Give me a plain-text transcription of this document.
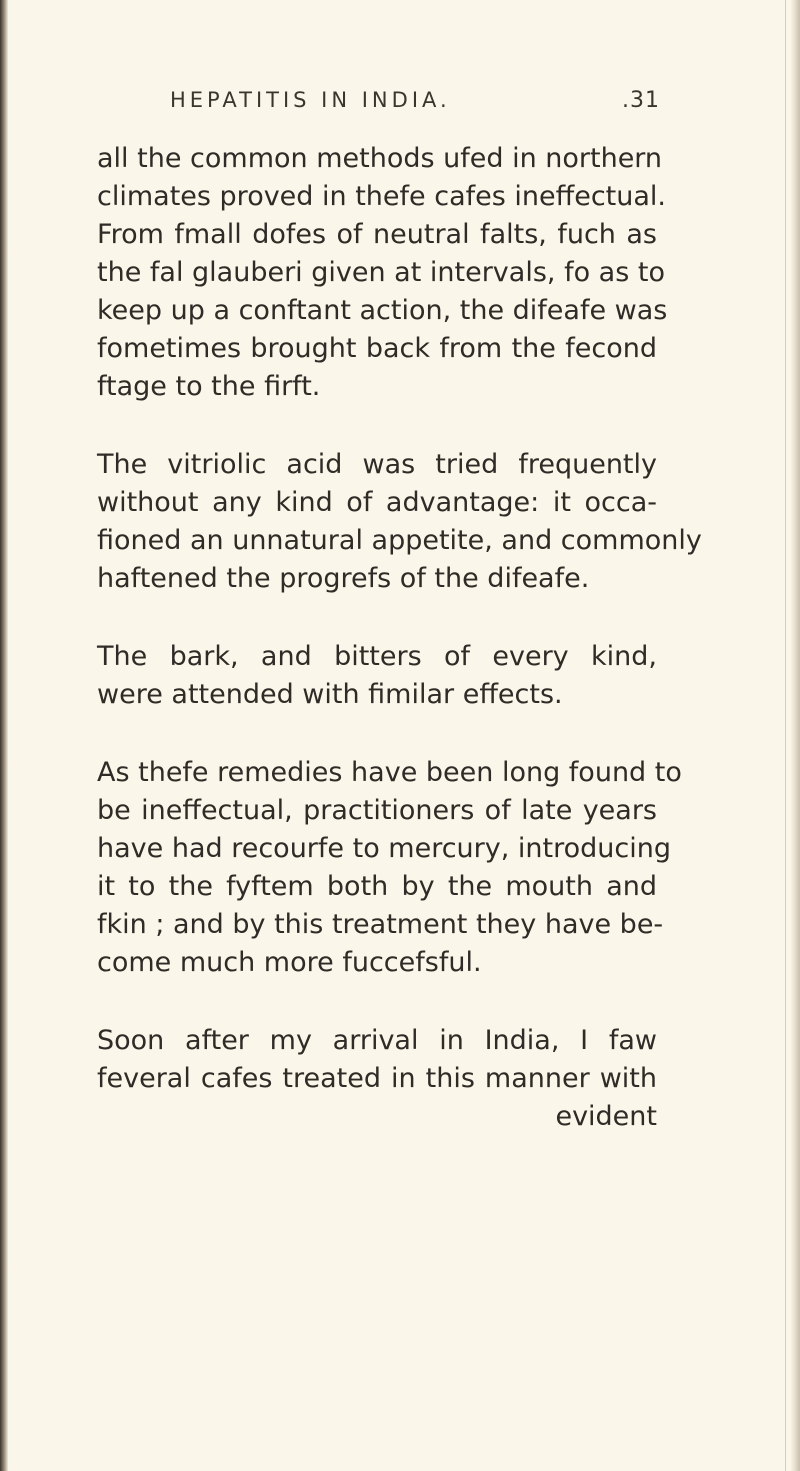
HEPATITIS IN INDIA.	.31
all the common methods ufed in northern
climates proved in thefe cafes ineffectual.
From fmall dofes of neutral falts, fuch as
the fal glauberi given at intervals, fo as to
keep up a conftant action, the difeafe was
fometimes brought back from the fecond
ftage to the firft.
The vitriolic acid was tried frequently
without any kind of advantage: it occa-
fioned an unnatural appetite, and commonly
haftened the progrefs of the difeafe.
The bark, and bitters of every kind,
were attended with fimilar effects.
As thefe remedies have been long found to
be ineffectual, practitioners of late years
have had recourfe to mercury, introducing
it to the fyftem both by the mouth and
fkin ; and by this treatment they have be-
come much more fuccefsful.
Soon after my arrival in India, I faw
feveral cafes treated in this manner with
evident
